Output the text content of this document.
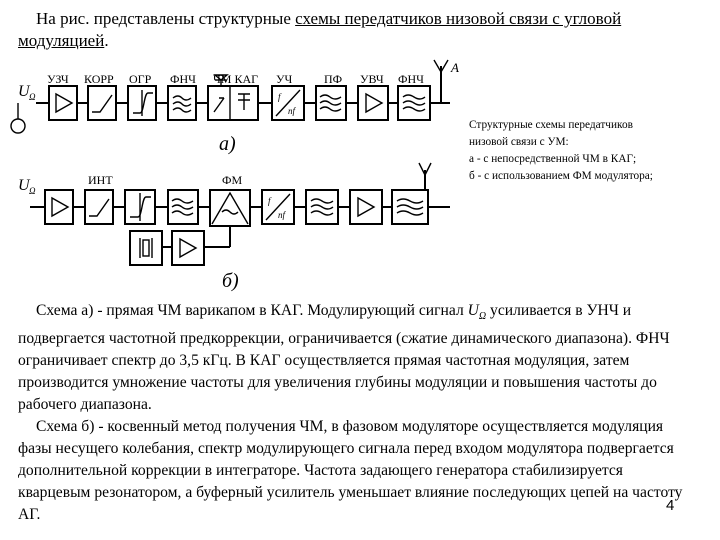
На рис. представлены структурные схемы передатчиков низовой связи с угловой модуляцией.

УЗЧ КОРР ОГР ФНЧ ЧМ КАГ УЧ	ПФ УВЧ ФНЧ
ИНТ	ФМ
а)
б)
U Ω	f
nf
A
U Ω
f
nf
Структурные схемы передатчиков
низовой связи с УМ:
а - с непосредственной ЧМ в КАГ;
б - с использованием ФМ модулятора;

Схема а) - прямая ЧМ варикапом в КАГ. Модулирующий сигнал $U_\Omega$ усиливается в УНЧ и подвергается частотной предкоррекции, ограничивается (сжатие динамического диапазона). ФНЧ ограничивает спектр до 3,5 кГц. В КАГ осуществляется прямая частотная модуляция, затем производится умножение частоты для увеличения глубины модуляции и повышения частоты до рабочего диапазона.

Схема б) - косвенный метод получения ЧМ, в фазовом модуляторе осуществляется модуляция фазы несущего колебания, спектр модулирующего сигнала перед входом модулятора подвергается дополнительной коррекции в интеграторе. Частота задающего генератора стабилизируется кварцевым резонатором, а буферный усилитель уменьшает влияние последующих цепей на частоту АГ.

4
